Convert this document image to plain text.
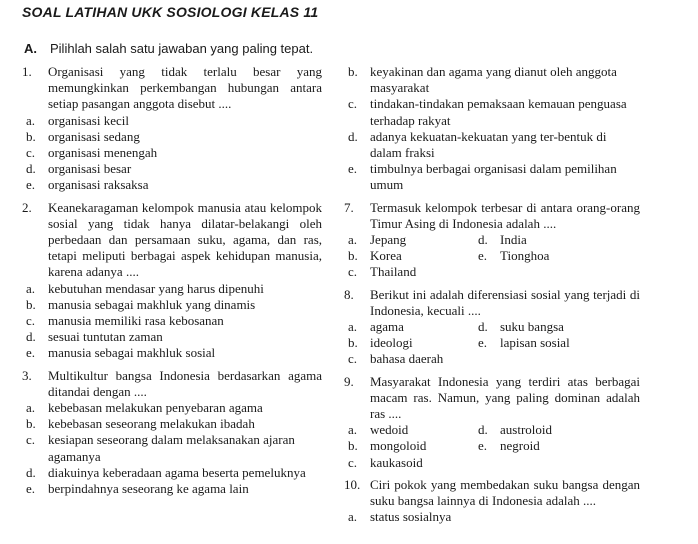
SOAL LATIHAN UKK SOSIOLOGI KELAS 11
A. Pilihlah salah satu jawaban yang paling tepat.
1.	Organisasi yang tidak terlalu besar yang memungkinkan perkembangan hubungan antara setiap pasangan anggota disebut ....
a. organisasi kecil
b. organisasi sedang
c. organisasi menengah
d. organisasi besar
e. organisasi raksaksa
2.	Keanekaragaman kelompok manusia atau kelompok sosial yang tidak hanya dilatar-belakangi oleh perbedaan dan persamaan suku, agama, dan ras, tetapi meliputi berbagai aspek kehidupan manusia, karena adanya ....
a. kebutuhan mendasar yang harus dipenuhi
b. manusia sebagai makhluk yang dinamis
c. manusia memiliki rasa kebosanan
d. sesuai tuntutan zaman
e. manusia sebagai makhluk sosial
3.	Multikultur bangsa Indonesia berdasarkan agama ditandai dengan ....
a. kebebasan melakukan penyebaran agama
b. kebebasan seseorang melakukan ibadah
c. kesiapan seseorang dalam melaksanakan ajaran agamanya
d. diakuinya keberadaan agama beserta pemeluknya
e. berpindahnya seseorang ke agama lain
b. keyakinan dan agama yang dianut oleh anggota masyarakat
c. tindakan-tindakan pemaksaan kemauan penguasa terhadap rakyat
d. adanya kekuatan-kekuatan yang ter-bentuk di dalam fraksi
e. timbulnya berbagai organisasi dalam pemilihan umum
7.	Termasuk kelompok terbesar di antara orang-orang Timur Asing di Indonesia adalah ....
a. Jepang	d. India
b. Korea	e. Tionghoa
c. Thailand
8.	Berikut ini adalah diferensiasi sosial yang terjadi di Indonesia, kecuali ....
a. agama	d. suku bangsa
b. ideologi	e. lapisan sosial
c. bahasa daerah
9.	Masyarakat Indonesia yang terdiri atas berbagai macam ras. Namun, yang paling dominan adalah ras ....
a. wedoid	d. austroloid
b. mongoloid	e. negroid
c. kaukasoid
10. Ciri pokok yang membedakan suku bangsa dengan suku bangsa lainnya di Indonesia adalah ....
a. status sosialnya
